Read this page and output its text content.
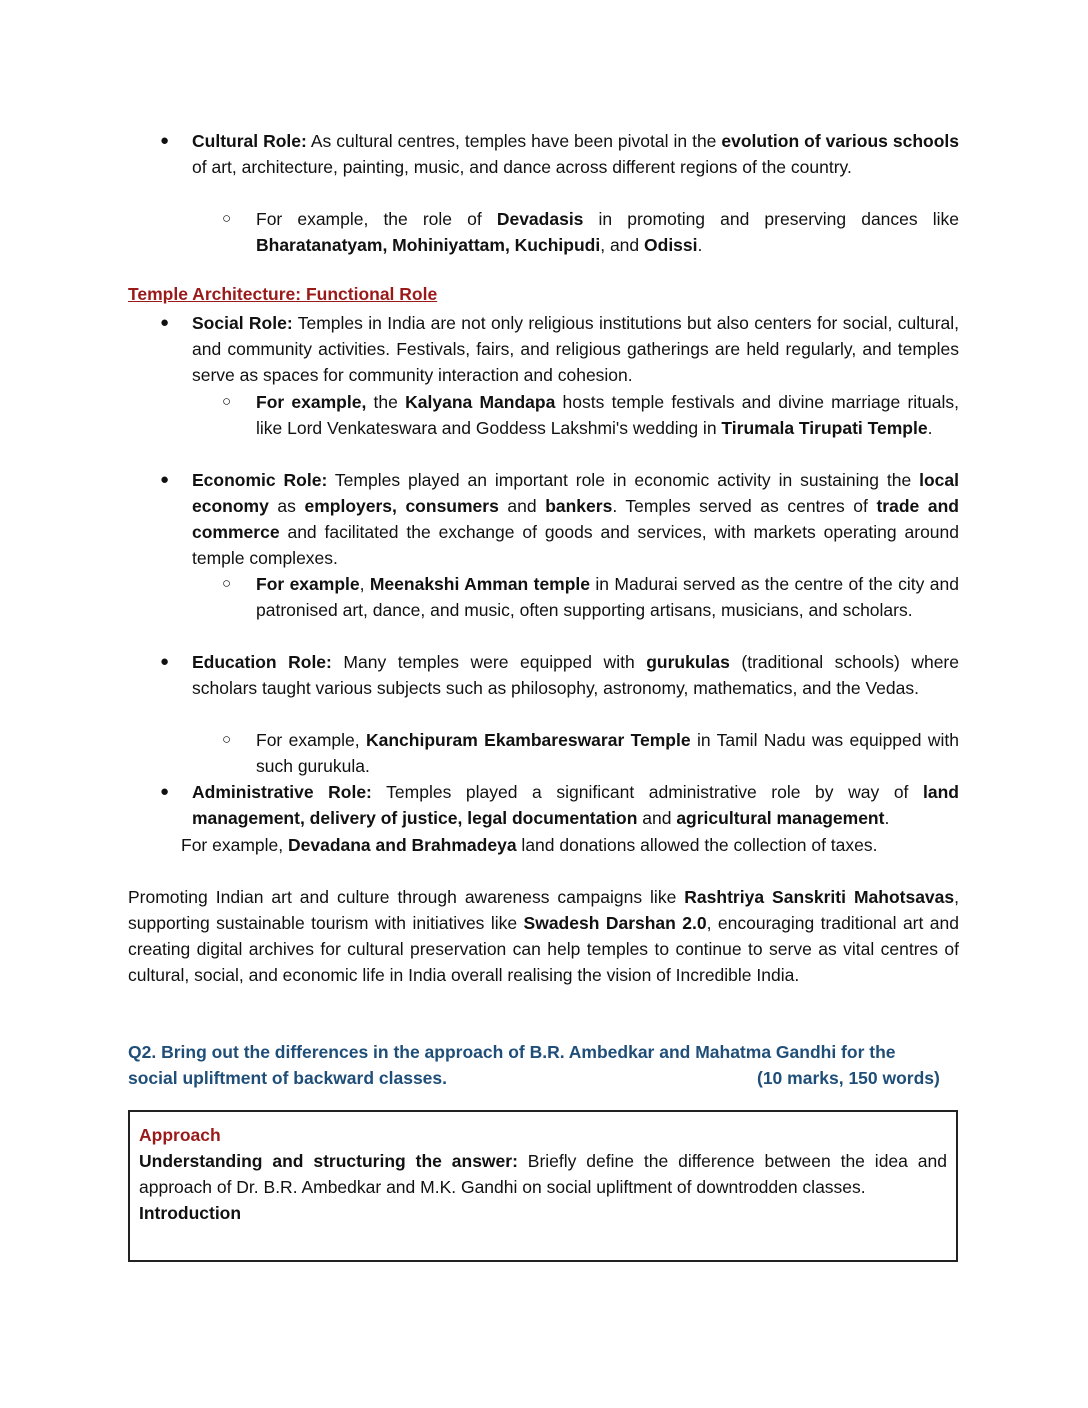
● Cultural Role: As cultural centres, temples have been pivotal in the evolution of various schools of art, architecture, painting, music, and dance across different regions of the country.

○ For example, the role of Devadasis in promoting and preserving dances like Bharatanatyam, Mohiniyattam, Kuchipudi, and Odissi.

Temple Architecture: Functional Role
● Social Role: Temples in India are not only religious institutions but also centers for social, cultural, and community activities. Festivals, fairs, and religious gatherings are held regularly, and temples serve as spaces for community interaction and cohesion.

○ For example, the Kalyana Mandapa hosts temple festivals and divine marriage rituals, like Lord Venkateswara and Goddess Lakshmi's wedding in Tirumala Tirupati Temple.

● Economic Role: Temples played an important role in economic activity in sustaining the local economy as employers, consumers and bankers. Temples served as centres of trade and commerce and facilitated the exchange of goods and services, with markets operating around temple complexes.

○ For example, Meenakshi Amman temple in Madurai served as the centre of the city and patronised art, dance, and music, often supporting artisans, musicians, and scholars.

● Education Role: Many temples were equipped with gurukulas (traditional schools) where scholars taught various subjects such as philosophy, astronomy, mathematics, and the Vedas.

○ For example, Kanchipuram Ekambareswarar Temple in Tamil Nadu was equipped with such gurukula.

● Administrative Role: Temples played a significant administrative role by way of land management, delivery of justice, legal documentation and agricultural management.

For example, Devadana and Brahmadeya land donations allowed the collection of taxes.

Promoting Indian art and culture through awareness campaigns like Rashtriya Sanskriti Mahotsavas, supporting sustainable tourism with initiatives like Swadesh Darshan 2.0, encouraging traditional art and creating digital archives for cultural preservation can help temples to continue to serve as vital centres of cultural, social, and economic life in India overall realising the vision of Incredible India.

Q2. Bring out the differences in the approach of B.R. Ambedkar and Mahatma Gandhi for the
social upliftment of backward classes.	(10 marks, 150 words)

Approach

Understanding and structuring the answer: Briefly define the difference between the idea and approach of Dr. B.R. Ambedkar and M.K. Gandhi on social upliftment of downtrodden classes.

Introduction
